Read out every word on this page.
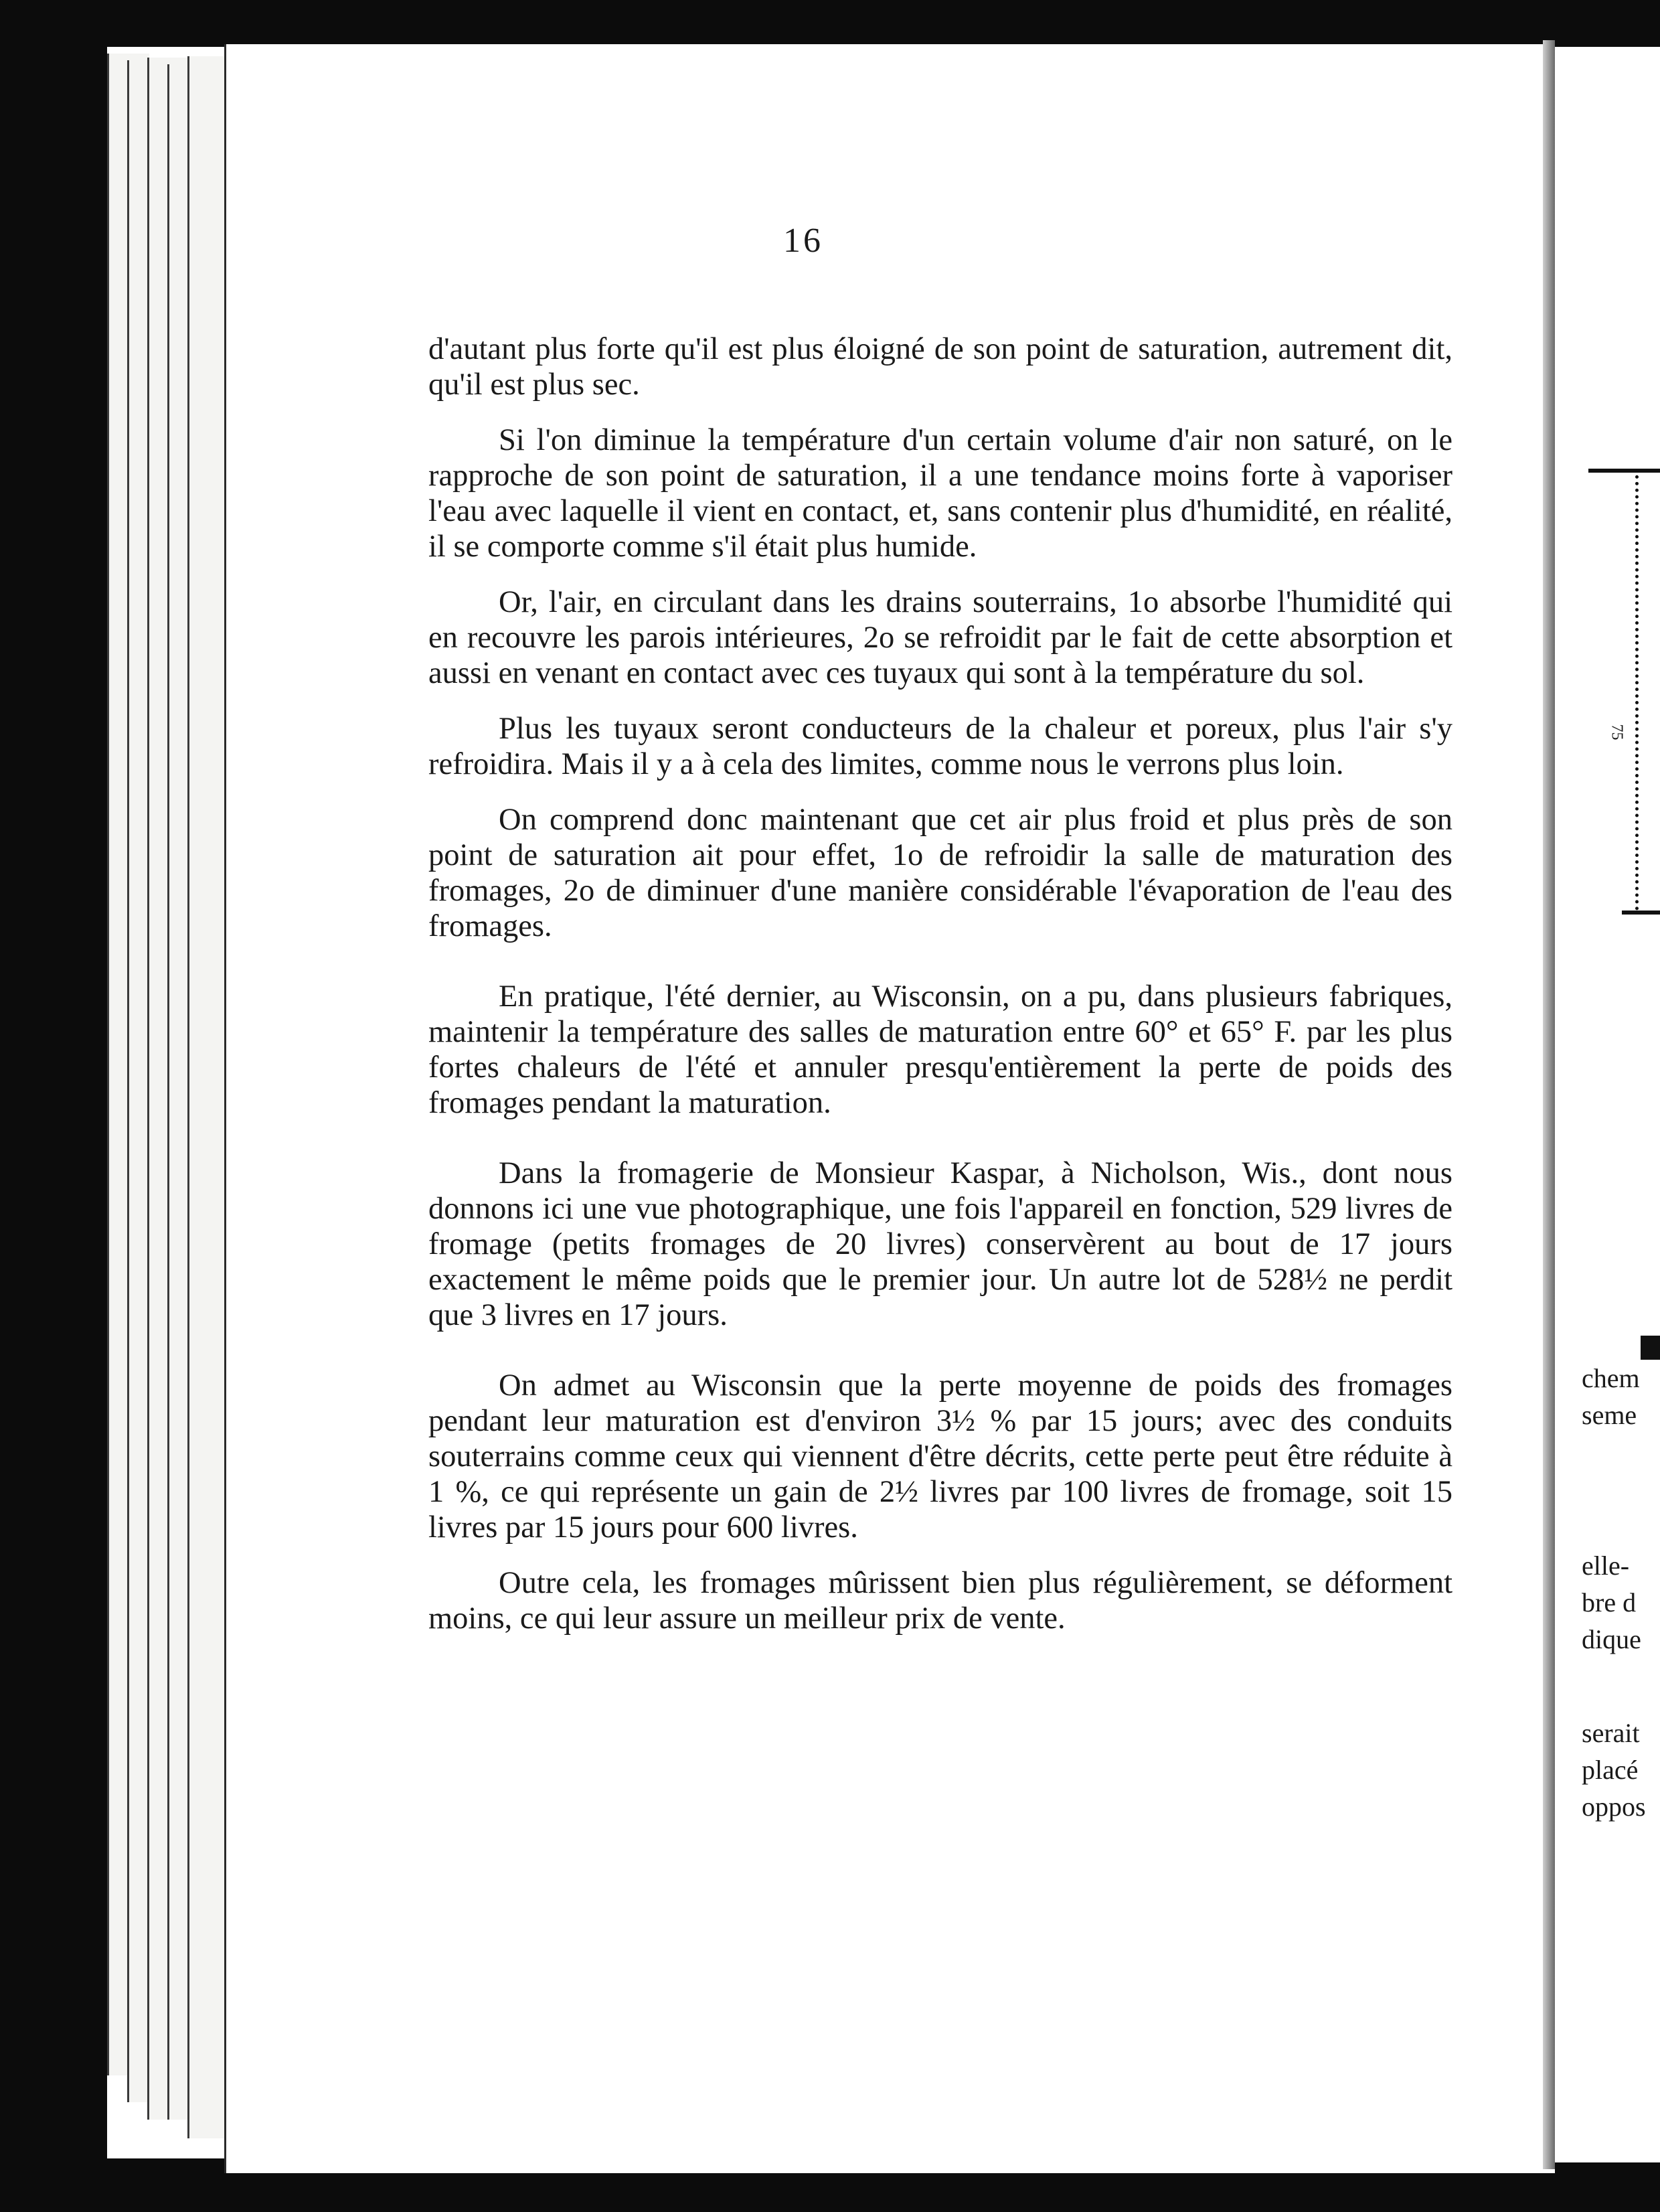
75
chem
seme
elle-
bre d
dique
serait
placé
oppos
16

d'autant plus forte qu'il est plus éloigné de son point de saturation, autrement dit, qu'il est plus sec.

Si l'on diminue la température d'un certain volume d'air non saturé, on le rapproche de son point de saturation, il a une tendance moins forte à vaporiser l'eau avec laquelle il vient en contact, et, sans contenir plus d'humidité, en réalité, il se comporte comme s'il était plus humide.

Or, l'air, en circulant dans les drains souterrains, 1o absorbe l'humidité qui en recouvre les parois intérieures, 2o se refroidit par le fait de cette absorption et aussi en venant en contact avec ces tuyaux qui sont à la température du sol.

Plus les tuyaux seront conducteurs de la chaleur et poreux, plus l'air s'y refroidira. Mais il y a à cela des limites, comme nous le verrons plus loin.

On comprend donc maintenant que cet air plus froid et plus près de son point de saturation ait pour effet, 1o de refroidir la salle de maturation des fromages, 2o de diminuer d'une manière considérable l'évaporation de l'eau des fromages.

En pratique, l'été dernier, au Wisconsin, on a pu, dans plusieurs fabriques, maintenir la température des salles de maturation entre 60° et 65° F. par les plus fortes chaleurs de l'été et annuler presqu'entièrement la perte de poids des fromages pendant la maturation.

Dans la fromagerie de Monsieur Kaspar, à Nicholson, Wis., dont nous donnons ici une vue photographique, une fois l'appareil en fonction, 529 livres de fromage (petits fromages de 20 livres) conservèrent au bout de 17 jours exactement le même poids que le premier jour. Un autre lot de 528½ ne perdit que 3 livres en 17 jours.

On admet au Wisconsin que la perte moyenne de poids des fromages pendant leur maturation est d'environ 3½ % par 15 jours; avec des conduits souterrains comme ceux qui viennent d'être décrits, cette perte peut être réduite à 1 %, ce qui représente un gain de 2½ livres par 100 livres de fromage, soit 15 livres par 15 jours pour 600 livres.

Outre cela, les fromages mûrissent bien plus régulièrement, se déforment moins, ce qui leur assure un meilleur prix de vente.
